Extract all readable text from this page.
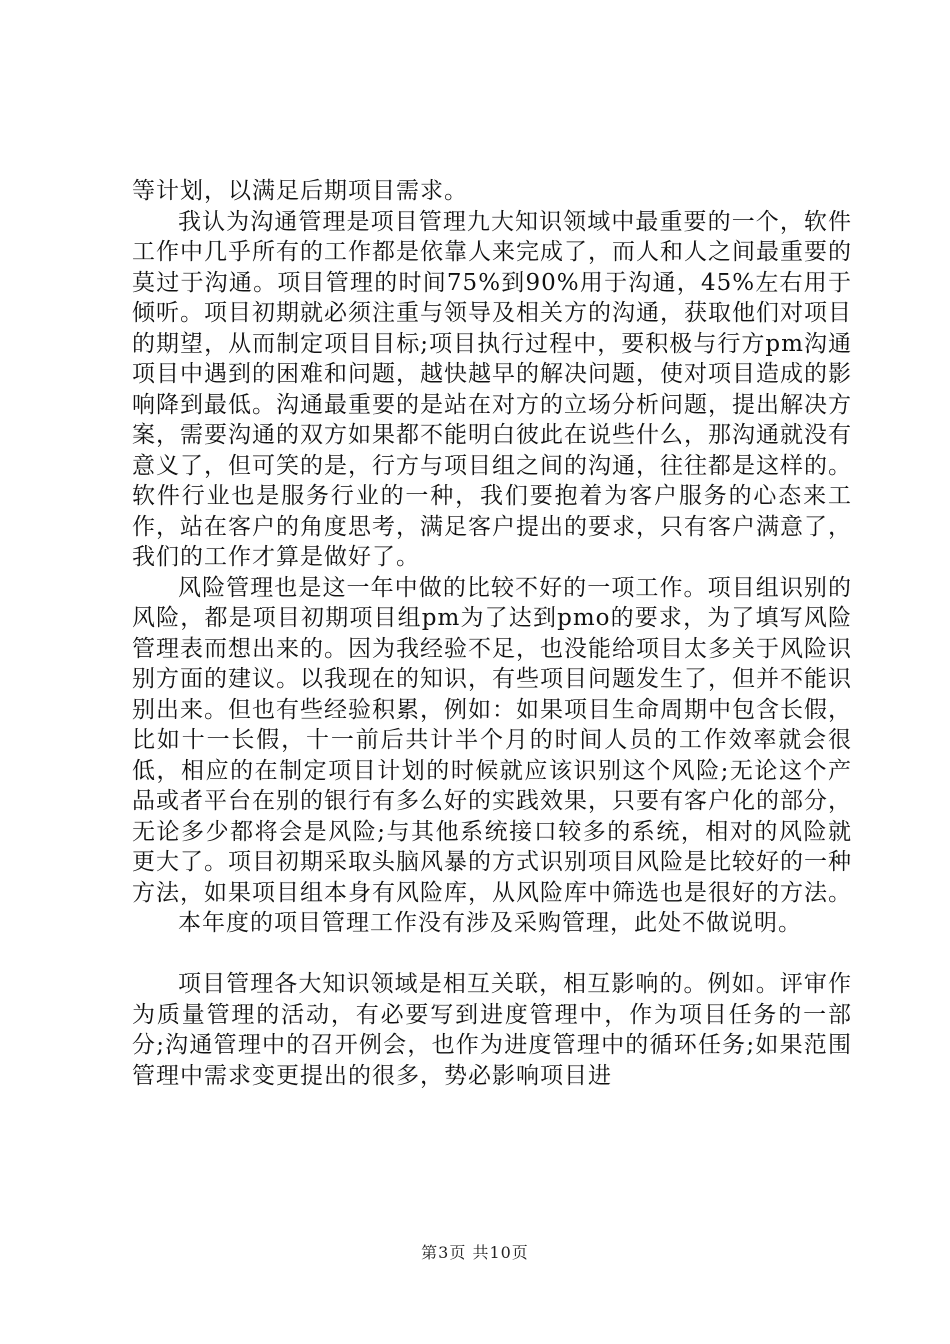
等计划，以满足后期项目需求。

我认为沟通管理是项目管理九大知识领域中最重要的一个，软件工作中几乎所有的工作都是依靠人来完成了，而人和人之间最重要的莫过于沟通。项目管理的时间75%到90%用于沟通，45%左右用于倾听。项目初期就必须注重与领导及相关方的沟通，获取他们对项目的期望，从而制定项目目标;项目执行过程中，要积极与行方pm沟通项目中遇到的困难和问题，越快越早的解决问题，使对项目造成的影响降到最低。沟通最重要的是站在对方的立场分析问题，提出解决方案，需要沟通的双方如果都不能明白彼此在说些什么，那沟通就没有意义了，但可笑的是，行方与项目组之间的沟通，往往都是这样的。软件行业也是服务行业的一种，我们要抱着为客户服务的心态来工作，站在客户的角度思考，满足客户提出的要求，只有客户满意了，我们的工作才算是做好了。

风险管理也是这一年中做的比较不好的一项工作。项目组识别的风险，都是项目初期项目组pm为了达到pmo的要求，为了填写风险管理表而想出来的。因为我经验不足，也没能给项目太多关于风险识别方面的建议。以我现在的知识，有些项目问题发生了，但并不能识别出来。但也有些经验积累，例如：如果项目生命周期中包含长假，比如十一长假，十一前后共计半个月的时间人员的工作效率就会很低，相应的在制定项目计划的时候就应该识别这个风险;无论这个产品或者平台在别的银行有多么好的实践效果，只要有客户化的部分，无论多少都将会是风险;与其他系统接口较多的系统，相对的风险就更大了。项目初期采取头脑风暴的方式识别项目风险是比较好的一种方法，如果项目组本身有风险库，从风险库中筛选也是很好的方法。

本年度的项目管理工作没有涉及采购管理，此处不做说明。

项目管理各大知识领域是相互关联，相互影响的。例如。评审作为质量管理的活动，有必要写到进度管理中，作为项目任务的一部分;沟通管理中的召开例会，也作为进度管理中的循环任务;如果范围管理中需求变更提出的很多，势必影响项目进

第3页 共10页
